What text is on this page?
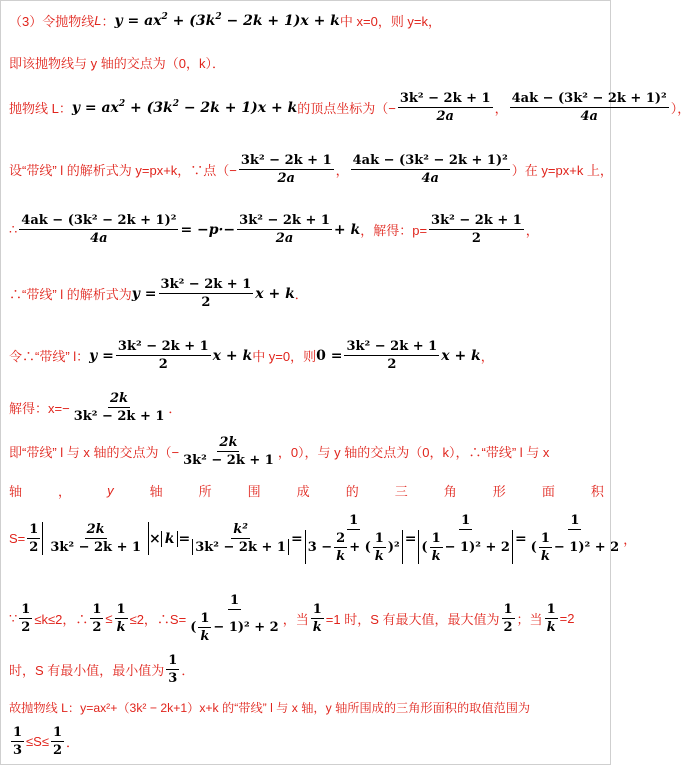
（3）令抛物线 L ： $y = ax^2 + (3k^2 - 2k + 1)x + k$ 中 x=0，则 y=k，
即该抛物线与 y 轴的交点为（0，k）．
抛物线 L： $y = ax^2 + (3k^2 - 2k + 1)x + k$ 的顶点坐标为（− $\frac{\text{3k² − 2k + 1}}{2a}$ ， $\frac{\text{4ak − (3k² − 2k + 1)²}}{4a}$ ），
设“带线” l 的解析式为 y=px+k，∵点（− $\frac{\text{3k² − 2k + 1}}{2a}$ ， $\frac{\text{4ak − (3k² − 2k + 1)²}}{4a}$ ）在 y=px+k 上，
∴ $\frac{\text{4ak − (3k² − 2k + 1)²}}{4a} = -p\cdot- \frac{\text{3k² − 2k + 1}}{2a} + k$ ，解得：$p= \frac{\text{3k² − 2k + 1}}{2}$ ，
∴“带线” l 的解析式为 $y = \frac{\text{3k² − 2k + 1}}{2}$ x + k ．
令∴“带线” l： $y = \frac{\text{3k² − 2k + 1}}{2}$ x + k 中 y=0，则 $0 = \frac{\text{3k² − 2k + 1}}{2}$ x + k ，
解得：$x=- \frac{2k}{\text{3k² − 2k + 1}}$ ．
即“带线” l 与 x 轴的交点为（− $\frac{2k}{\text{3k² − 2k + 1}}$ ，0），与 y 轴的交点为（0，k），∴“带线” l 与 x
轴	，	y	轴	所	围	成	的	三	角	形	面	积
$S= \frac{1}{2} \frac{2k}{\text{3k² − 2k + 1}} \times k = \frac{\text{k²}}{\text{3k² − 2k + 1}} = \frac{1}{3 - \frac{2}{k} + ( \frac{1}{k} )^2} = \frac{1}{( \frac{1}{k} - 1)^2 + 2} = \frac{1}{( \frac{1}{k} - 1)^2 + 2}$ ，
∵ $\frac{1}{2} \le k\le 2$，∴ $\frac{1}{2} \le \frac{1}{k} \le 2$，∴S= $\frac{1}{( \frac{1}{k} - 1)^2 + 2}$ ，当 $\frac{1}{k} =1$ 时，S 有最大值，最大值为 $\frac{1}{2}$ ；当 $\frac{1}{k} =2$
时，S 有最小值，最小值为 $\frac{1}{3}$ ．
故抛物线 L：y=ax²+（3k² − 2k+1）x+k 的“带线” l 与 x 轴，y 轴所围成的三角形面积的取值范围为
$\frac{1}{3} \le S\le \frac{1}{2}$ ．
